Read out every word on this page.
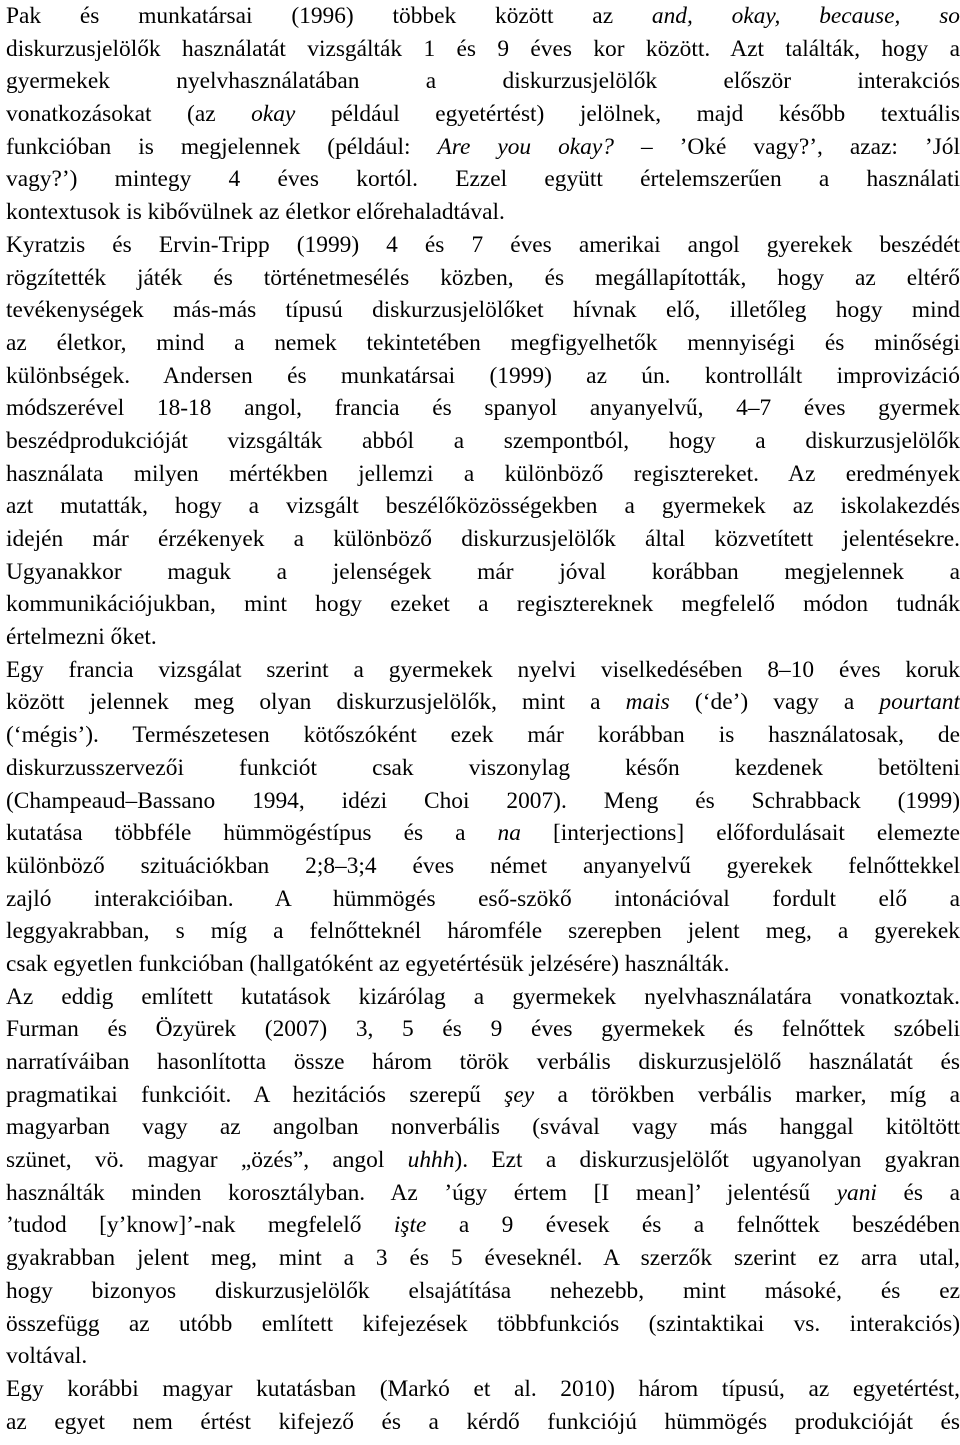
Pak és munkatársai (1996) többek között az and, okay, because, so
diskurzusjelölők használatát vizsgálták 1 és 9 éves kor között. Azt találták, hogy a
gyermekek nyelvhasználatában a diskurzusjelölők először interakciós
vonatkozásokat (az okay például egyetértést) jelölnek, majd később textuális
funkcióban is megjelennek (például: Are you okay? – ’Oké vagy?’, azaz: ’Jól
vagy?’) mintegy 4 éves kortól. Ezzel együtt értelemszerűen a használati
kontextusok is kibővülnek az életkor előrehaladtával.
Kyratzis és Ervin-Tripp (1999) 4 és 7 éves amerikai angol gyerekek beszédét
rögzítették játék és történetmesélés közben, és megállapították, hogy az eltérő
tevékenységek más-más típusú diskurzusjelölőket hívnak elő, illetőleg hogy mind
az életkor, mind a nemek tekintetében megfigyelhetők mennyiségi és minőségi
különbségek. Andersen és munkatársai (1999) az ún. kontrollált improvizáció
módszerével 18-18 angol, francia és spanyol anyanyelvű, 4–7 éves gyermek
beszédprodukcióját vizsgálták abból a szempontból, hogy a diskurzusjelölők
használata milyen mértékben jellemzi a különböző regisztereket. Az eredmények
azt mutatták, hogy a vizsgált beszélőközösségekben a gyermekek az iskolakezdés
idején már érzékenyek a különböző diskurzusjelölők által közvetített jelentésekre.
Ugyanakkor maguk a jelenségek már jóval korábban megjelennek a
kommunikációjukban, mint hogy ezeket a regisztereknek megfelelő módon tudnák
értelmezni őket.
Egy francia vizsgálat szerint a gyermekek nyelvi viselkedésében 8–10 éves koruk
között jelennek meg olyan diskurzusjelölők, mint a mais (‘de’) vagy a pourtant
(‘mégis’). Természetesen kötőszóként ezek már korábban is használatosak, de
diskurzusszervezői funkciót csak viszonylag későn kezdenek betölteni
(Champeaud–Bassano 1994, idézi Choi 2007). Meng és Schrabback (1999)
kutatása többféle hümmögéstípus és a na [interjections] előfordulásait elemezte
különböző szituációkban 2;8–3;4 éves német anyanyelvű gyerekek felnőttekkel
zajló interakcióiban. A hümmögés eső-szökő intonációval fordult elő a
leggyakrabban, s míg a felnőtteknél háromféle szerepben jelent meg, a gyerekek
csak egyetlen funkcióban (hallgatóként az egyetértésük jelzésére) használták.
Az eddig említett kutatások kizárólag a gyermekek nyelvhasználatára vonatkoztak.
Furman és Özyürek (2007) 3, 5 és 9 éves gyermekek és felnőttek szóbeli
narratíváiban hasonlította össze három török verbális diskurzusjelölő használatát és
pragmatikai funkcióit. A hezitációs szerepű şey a törökben verbális marker, míg a
magyarban vagy az angolban nonverbális (svával vagy más hanggal kitöltött
szünet, vö. magyar „özés”, angol uhhh). Ezt a diskurzusjelölőt ugyanolyan gyakran
használták minden korosztályban. Az ’úgy értem [I mean]’ jelentésű yani és a
’tudod [y’know]’-nak megfelelő işte a 9 évesek és a felnőttek beszédében
gyakrabban jelent meg, mint a 3 és 5 éveseknél. A szerzők szerint ez arra utal,
hogy bizonyos diskurzusjelölők elsajátítása nehezebb, mint másoké, és ez
összefügg az utóbb említett kifejezések többfunkciós (szintaktikai vs. interakciós)
voltával.
Egy korábbi magyar kutatásban (Markó et al. 2010) három típusú, az egyetértést,
az egyet nem értést kifejező és a kérdő funkciójú hümmögés produkcióját és
